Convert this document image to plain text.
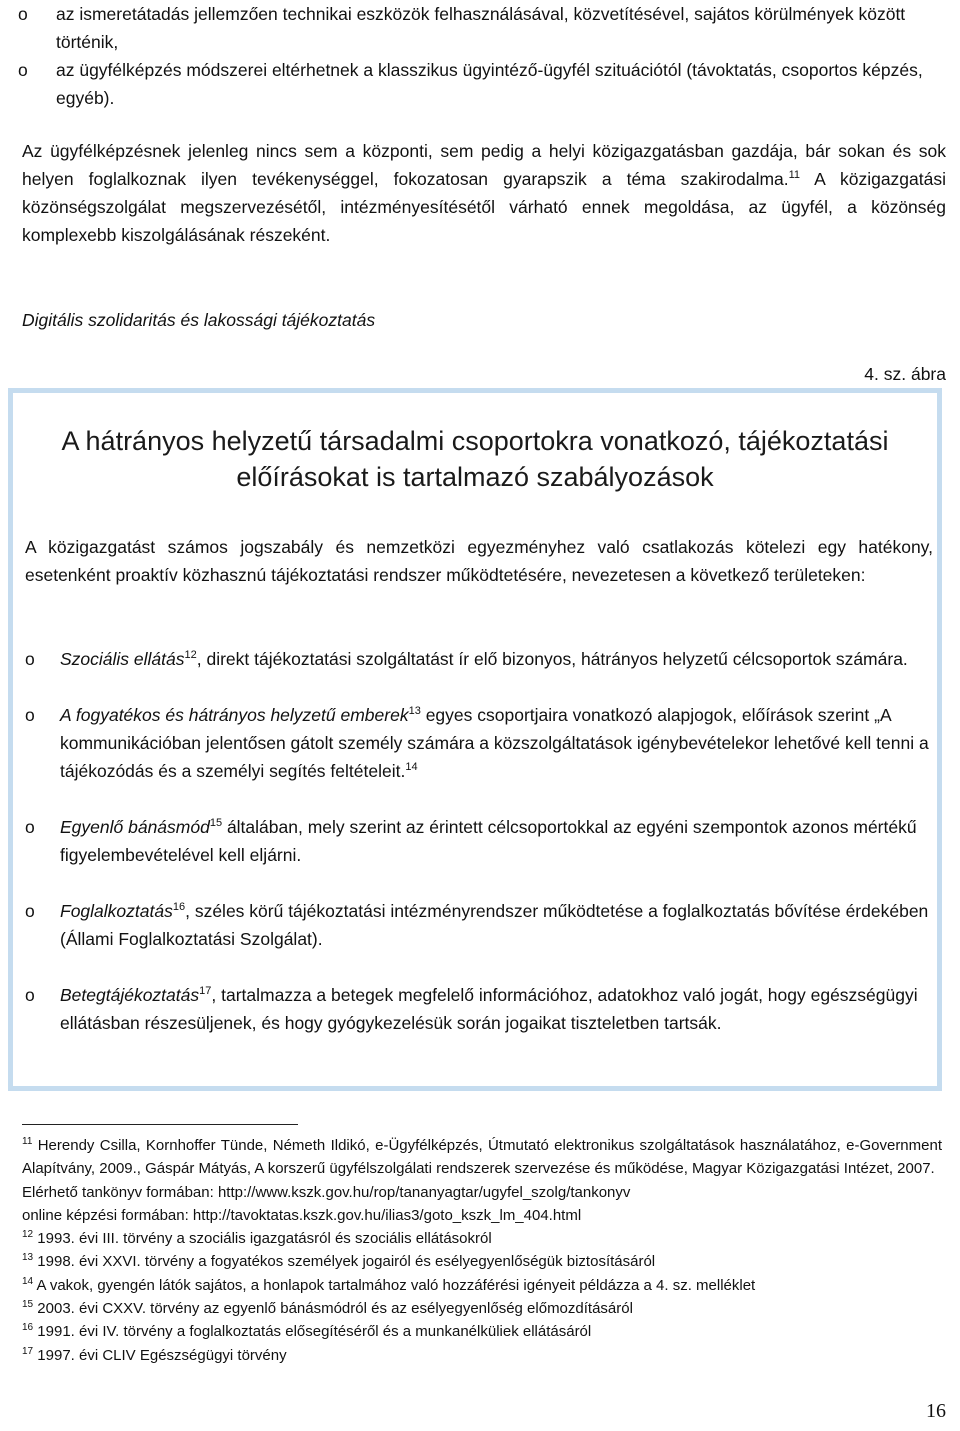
o az ismeretátadás jellemzően technikai eszközök felhasználásával, közvetítésével, sajátos körülmények között történik,
o az ügyfélképzés módszerei eltérhetnek a klasszikus ügyintéző-ügyfél szituációtól (távoktatás, csoportos képzés, egyéb).

Az ügyfélképzésnek jelenleg nincs sem a központi, sem pedig a helyi közigazgatásban gazdája, bár sokan és sok helyen foglalkoznak ilyen tevékenységgel, fokozatosan gyarapszik a téma szakirodalma.$^{11}$ A közigazgatási közönségszolgálat megszervezésétől, intézményesítésétől várható ennek megoldása, az ügyfél, a közönség komplexebb kiszolgálásának részeként.

Digitális szolidaritás és lakossági tájékoztatás
4. sz. ábra
A hátrányos helyzetű társadalmi csoportokra vonatkozó, tájékoztatási
előírásokat is tartalmazó szabályozások
A közigazgatást számos jogszabály és nemzetközi egyezményhez való csatlakozás kötelezi egy hatékony, esetenként proaktív közhasznú tájékoztatási rendszer működtetésére, nevezetesen a következő területeken:
o Szociális ellátás$^{12}$, direkt tájékoztatási szolgáltatást ír elő bizonyos, hátrányos helyzetű célcsoportok számára.
o A fogyatékos és hátrányos helyzetű emberek$^{13}$ egyes csoportjaira vonatkozó alapjogok, előírások szerint „A kommunikációban jelentősen gátolt személy számára a közszolgáltatások igénybevételekor lehetővé kell tenni a tájékozódás és a személyi segítés feltételeit.$^{14}$
o Egyenlő bánásmód$^{15}$ általában, mely szerint az érintett célcsoportokkal az egyéni szempontok azonos mértékű figyelembevételével kell eljárni.
o Foglalkoztatás$^{16}$, széles körű tájékoztatási intézményrendszer működtetése a foglalkoztatás bővítése érdekében (Állami Foglalkoztatási Szolgálat).
o Betegtájékoztatás$^{17}$, tartalmazza a betegek megfelelő információhoz, adatokhoz való jogát, hogy egészségügyi ellátásban részesüljenek, és hogy gyógykezelésük során jogaikat tiszteletben tartsák.

$^{11}$ Herendy Csilla, Kornhoffer Tünde, Németh Ildikó, e-Ügyfélképzés, Útmutató elektronikus szolgáltatások használatához, e-Government Alapítvány, 2009., Gáspár Mátyás, A korszerű ügyfélszolgálati rendszerek szervezése és működése, Magyar Közigazgatási Intézet, 2007.

Elérhető tankönyv formában: http://www.kszk.gov.hu/rop/tananyagtar/ugyfel_szolg/tankonyv

online képzési formában: http://tavoktatas.kszk.gov.hu/ilias3/goto_kszk_lm_404.html

$^{12}$ 1993. évi III. törvény a szociális igazgatásról és szociális ellátásokról

$^{13}$ 1998. évi XXVI. törvény a fogyatékos személyek jogairól és esélyegyenlőségük biztosításáról

$^{14}$ A vakok, gyengén látók sajátos, a honlapok tartalmához való hozzáférési igényeit példázza a 4. sz. melléklet

$^{15}$ 2003. évi CXXV. törvény az egyenlő bánásmódról és az esélyegyenlőség előmozdításáról

$^{16}$ 1991. évi IV. törvény a foglalkoztatás elősegítéséről és a munkanélküliek ellátásáról

$^{17}$ 1997. évi CLIV Egészségügyi törvény

16
